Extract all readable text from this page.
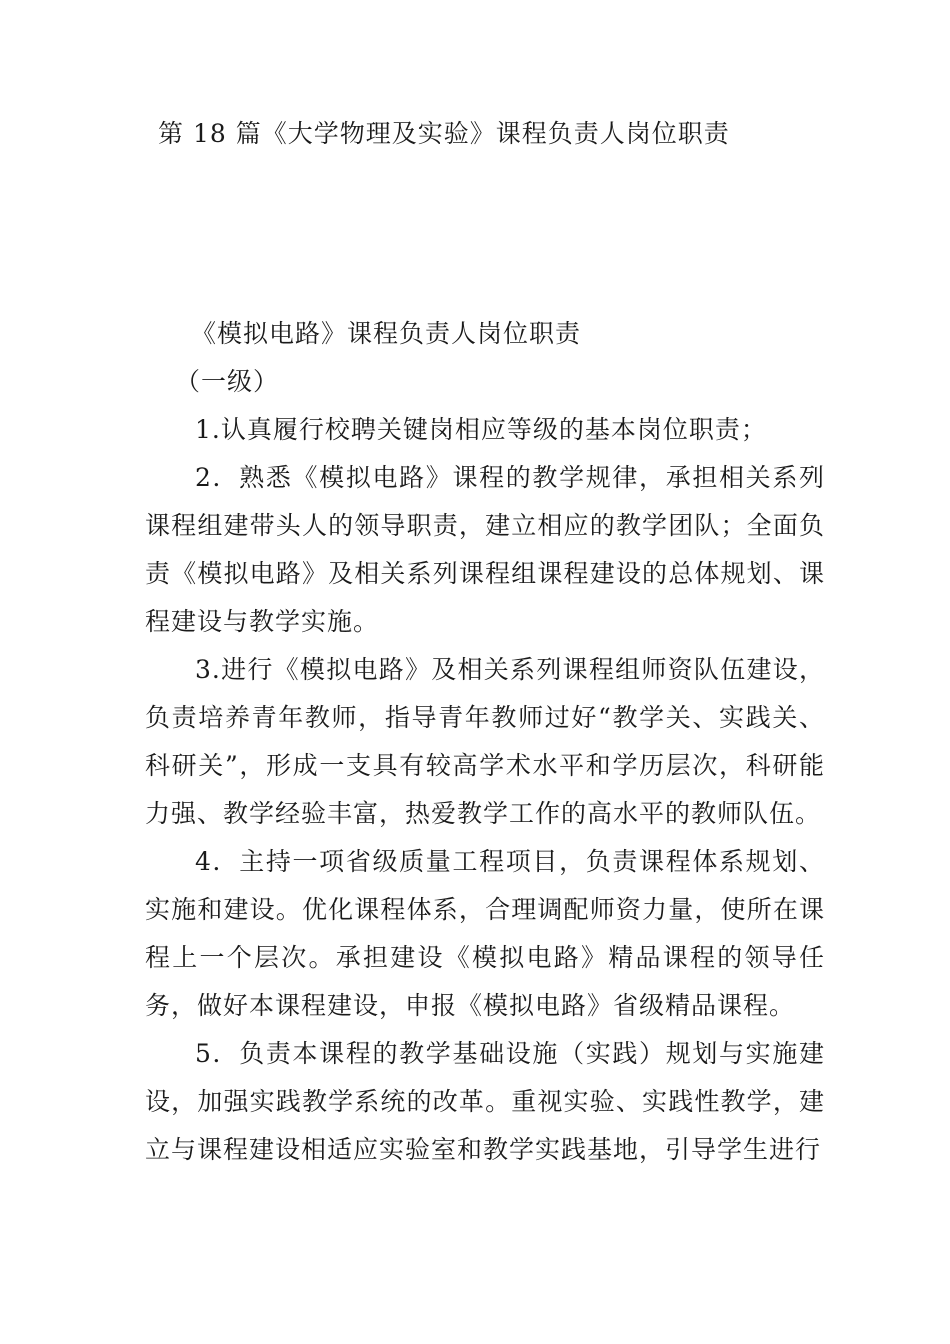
第 18 篇《大学物理及实验》课程负责人岗位职责

《模拟电路》课程负责人岗位职责

（一级）

1.认真履行校聘关键岗相应等级的基本岗位职责；

2．熟悉《模拟电路》课程的教学规律，承担相关系列课程组建带头人的领导职责，建立相应的教学团队；全面负责《模拟电路》及相关系列课程组课程建设的总体规划、课程建设与教学实施。

3.进行《模拟电路》及相关系列课程组师资队伍建设，负责培养青年教师，指导青年教师过好“教学关、实践关、科研关”，形成一支具有较高学术水平和学历层次，科研能力强、教学经验丰富，热爱教学工作的高水平的教师队伍。

4．主持一项省级质量工程项目，负责课程体系规划、实施和建设。优化课程体系，合理调配师资力量，使所在课程上一个层次。承担建设《模拟电路》精品课程的领导任务，做好本课程建设，申报《模拟电路》省级精品课程。

5．负责本课程的教学基础设施（实践）规划与实施建设，加强实践教学系统的改革。重视实验、实践性教学，建立与课程建设相适应实验室和教学实践基地，引导学生进行
